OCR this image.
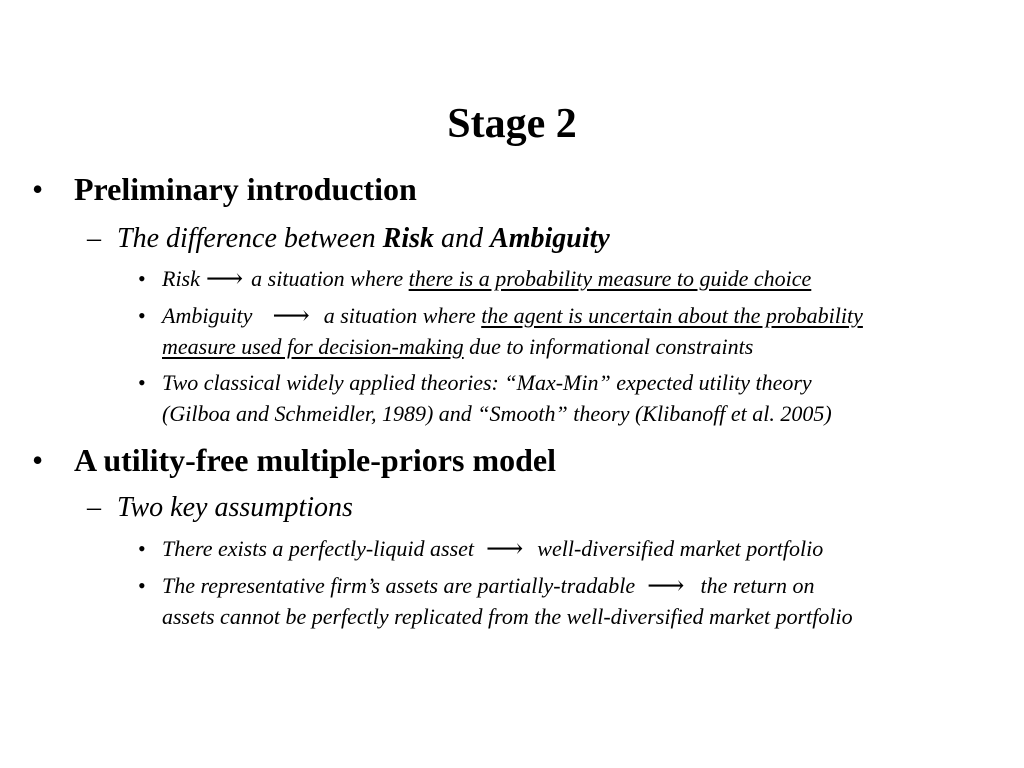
Stage 2
• Preliminary introduction
– The difference between Risk and Ambiguity
• Risk ⟶ a situation where there is a probability measure to guide choice
• Ambiguity ⟶ a situation where the agent is uncertain about the probability
measure used for decision-making due to informational constraints
• Two classical widely applied theories: “Max-Min” expected utility theory
(Gilboa and Schmeidler, 1989) and “Smooth” theory (Klibanoff et al. 2005)
• A utility-free multiple-priors model
– Two key assumptions
• There exists a perfectly-liquid asset ⟶ well-diversified market portfolio
• The representative firm’s assets are partially-tradable ⟶ the return on
assets cannot be perfectly replicated from the well-diversified market portfolio
